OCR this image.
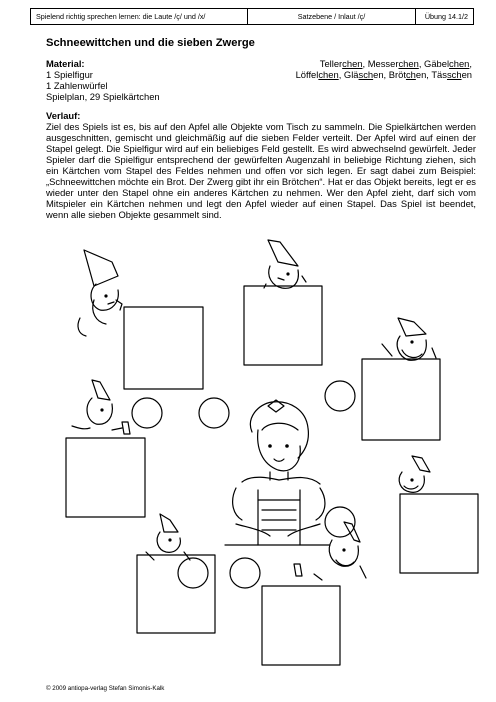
Spielend richtig sprechen lernen: die Laute /ç/ und /x/	Satzebene / Inlaut /ç/	Übung 14.1/2
Schneewittchen und die sieben Zwerge
Material:
1 Spielfigur
1 Zahlenwürfel
Spielplan, 29 Spielkärtchen
Tellerchen, Messerchen, Gäbelchen,
Löffelchen, Gläschen, Brötchen, Tässchen
Verlauf:

Ziel des Spiels ist es, bis auf den Apfel alle Objekte vom Tisch zu sammeln. Die Spielkärtchen werden ausgeschnitten, gemischt und gleichmäßig auf die sieben Felder verteilt. Der Apfel wird auf einen der Stapel gelegt. Die Spielfigur wird auf ein beliebiges Feld gestellt. Es wird abwechselnd gewürfelt. Jeder Spieler darf die Spielfigur entsprechend der gewürfelten Augenzahl in beliebige Richtung ziehen, sich ein Kärtchen vom Stapel des Feldes nehmen und offen vor sich legen. Er sagt dabei zum Beispiel: „Schneewittchen möchte ein Brot. Der Zwerg gibt ihr ein Brötchen“. Hat er das Objekt bereits, legt er es wieder unter den Stapel ohne ein anderes Kärtchen zu nehmen. Wer den Apfel zieht, darf sich vom Mitspieler ein Kärtchen nehmen und legt den Apfel wieder auf einen Stapel. Das Spiel ist beendet, wenn alle sieben Objekte gesammelt sind.

© 2009 antiopa-verlag Stefan Simonis-Kalk
